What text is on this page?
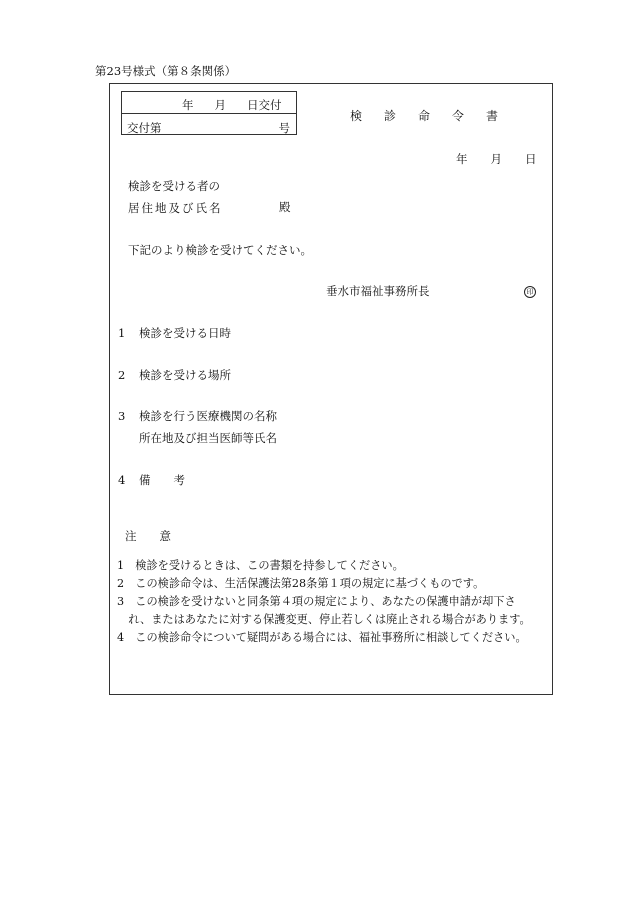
第23号様式（第８条関係）
年 月 日交付
交付第	号
検 診 命 令 書
年 月 日
検診を受ける者の
居住地及び氏名	殿
下記のより検診を受けてください。
垂水市福祉事務所長	印
1 検診を受ける日時
2 検診を受ける場所
3 検診を行う医療機関の名称
所在地及び担当医師等氏名
4 備　　考
注　　意
1　検診を受けるときは、この書類を持参してください。
2　この検診命令は、生活保護法第28条第１項の規定に基づくものです。
3　この検診を受けないと同条第４項の規定により、あなたの保護申請が却下さ
　れ、またはあなたに対する保護変更、停止若しくは廃止される場合があります。
4　この検診命令について疑問がある場合には、福祉事務所に相談してください。
